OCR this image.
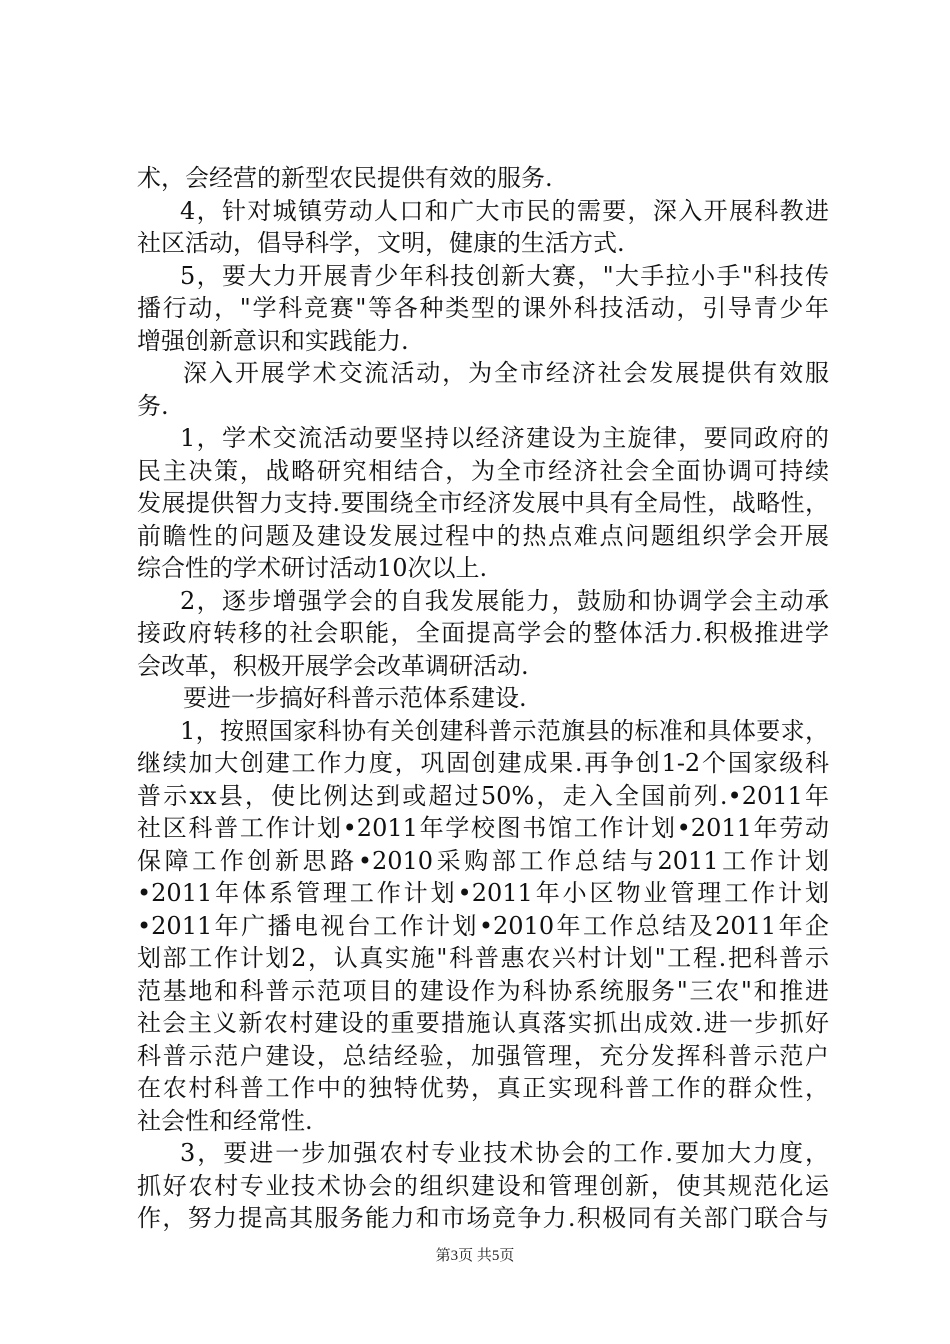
术，会经营的新型农民提供有效的服务.
4，针对城镇劳动人口和广大市民的需要，深入开展科教进
社区活动，倡导科学，文明，健康的生活方式.
5，要大力开展青少年科技创新大赛，"大手拉小手"科技传
播行动，"学科竞赛"等各种类型的课外科技活动，引导青少年
增强创新意识和实践能力.
深入开展学术交流活动，为全市经济社会发展提供有效服
务.
1，学术交流活动要坚持以经济建设为主旋律，要同政府的
民主决策，战略研究相结合，为全市经济社会全面协调可持续
发展提供智力支持.要围绕全市经济发展中具有全局性，战略性，
前瞻性的问题及建设发展过程中的热点难点问题组织学会开展
综合性的学术研讨活动10次以上.
2，逐步增强学会的自我发展能力，鼓励和协调学会主动承
接政府转移的社会职能，全面提高学会的整体活力.积极推进学
会改革，积极开展学会改革调研活动.
要进一步搞好科普示范体系建设.
1，按照国家科协有关创建科普示范旗县的标准和具体要求，
继续加大创建工作力度，巩固创建成果.再争创1-2个国家级科
普示xx县，使比例达到或超过50%，走入全国前列.•2011年
社区科普工作计划•2011年学校图书馆工作计划•2011年劳动
保障工作创新思路•2010采购部工作总结与2011工作计划
•2011年体系管理工作计划•2011年小区物业管理工作计划
•2011年广播电视台工作计划•2010年工作总结及2011年企
划部工作计划2，认真实施"科普惠农兴村计划"工程.把科普示
范基地和科普示范项目的建设作为科协系统服务"三农"和推进
社会主义新农村建设的重要措施认真落实抓出成效.进一步抓好
科普示范户建设，总结经验，加强管理，充分发挥科普示范户
在农村科普工作中的独特优势，真正实现科普工作的群众性，
社会性和经常性.
3，要进一步加强农村专业技术协会的工作.要加大力度，
抓好农村专业技术协会的组织建设和管理创新，使其规范化运
作，努力提高其服务能力和市场竞争力.积极同有关部门联合与
第3页 共5页
